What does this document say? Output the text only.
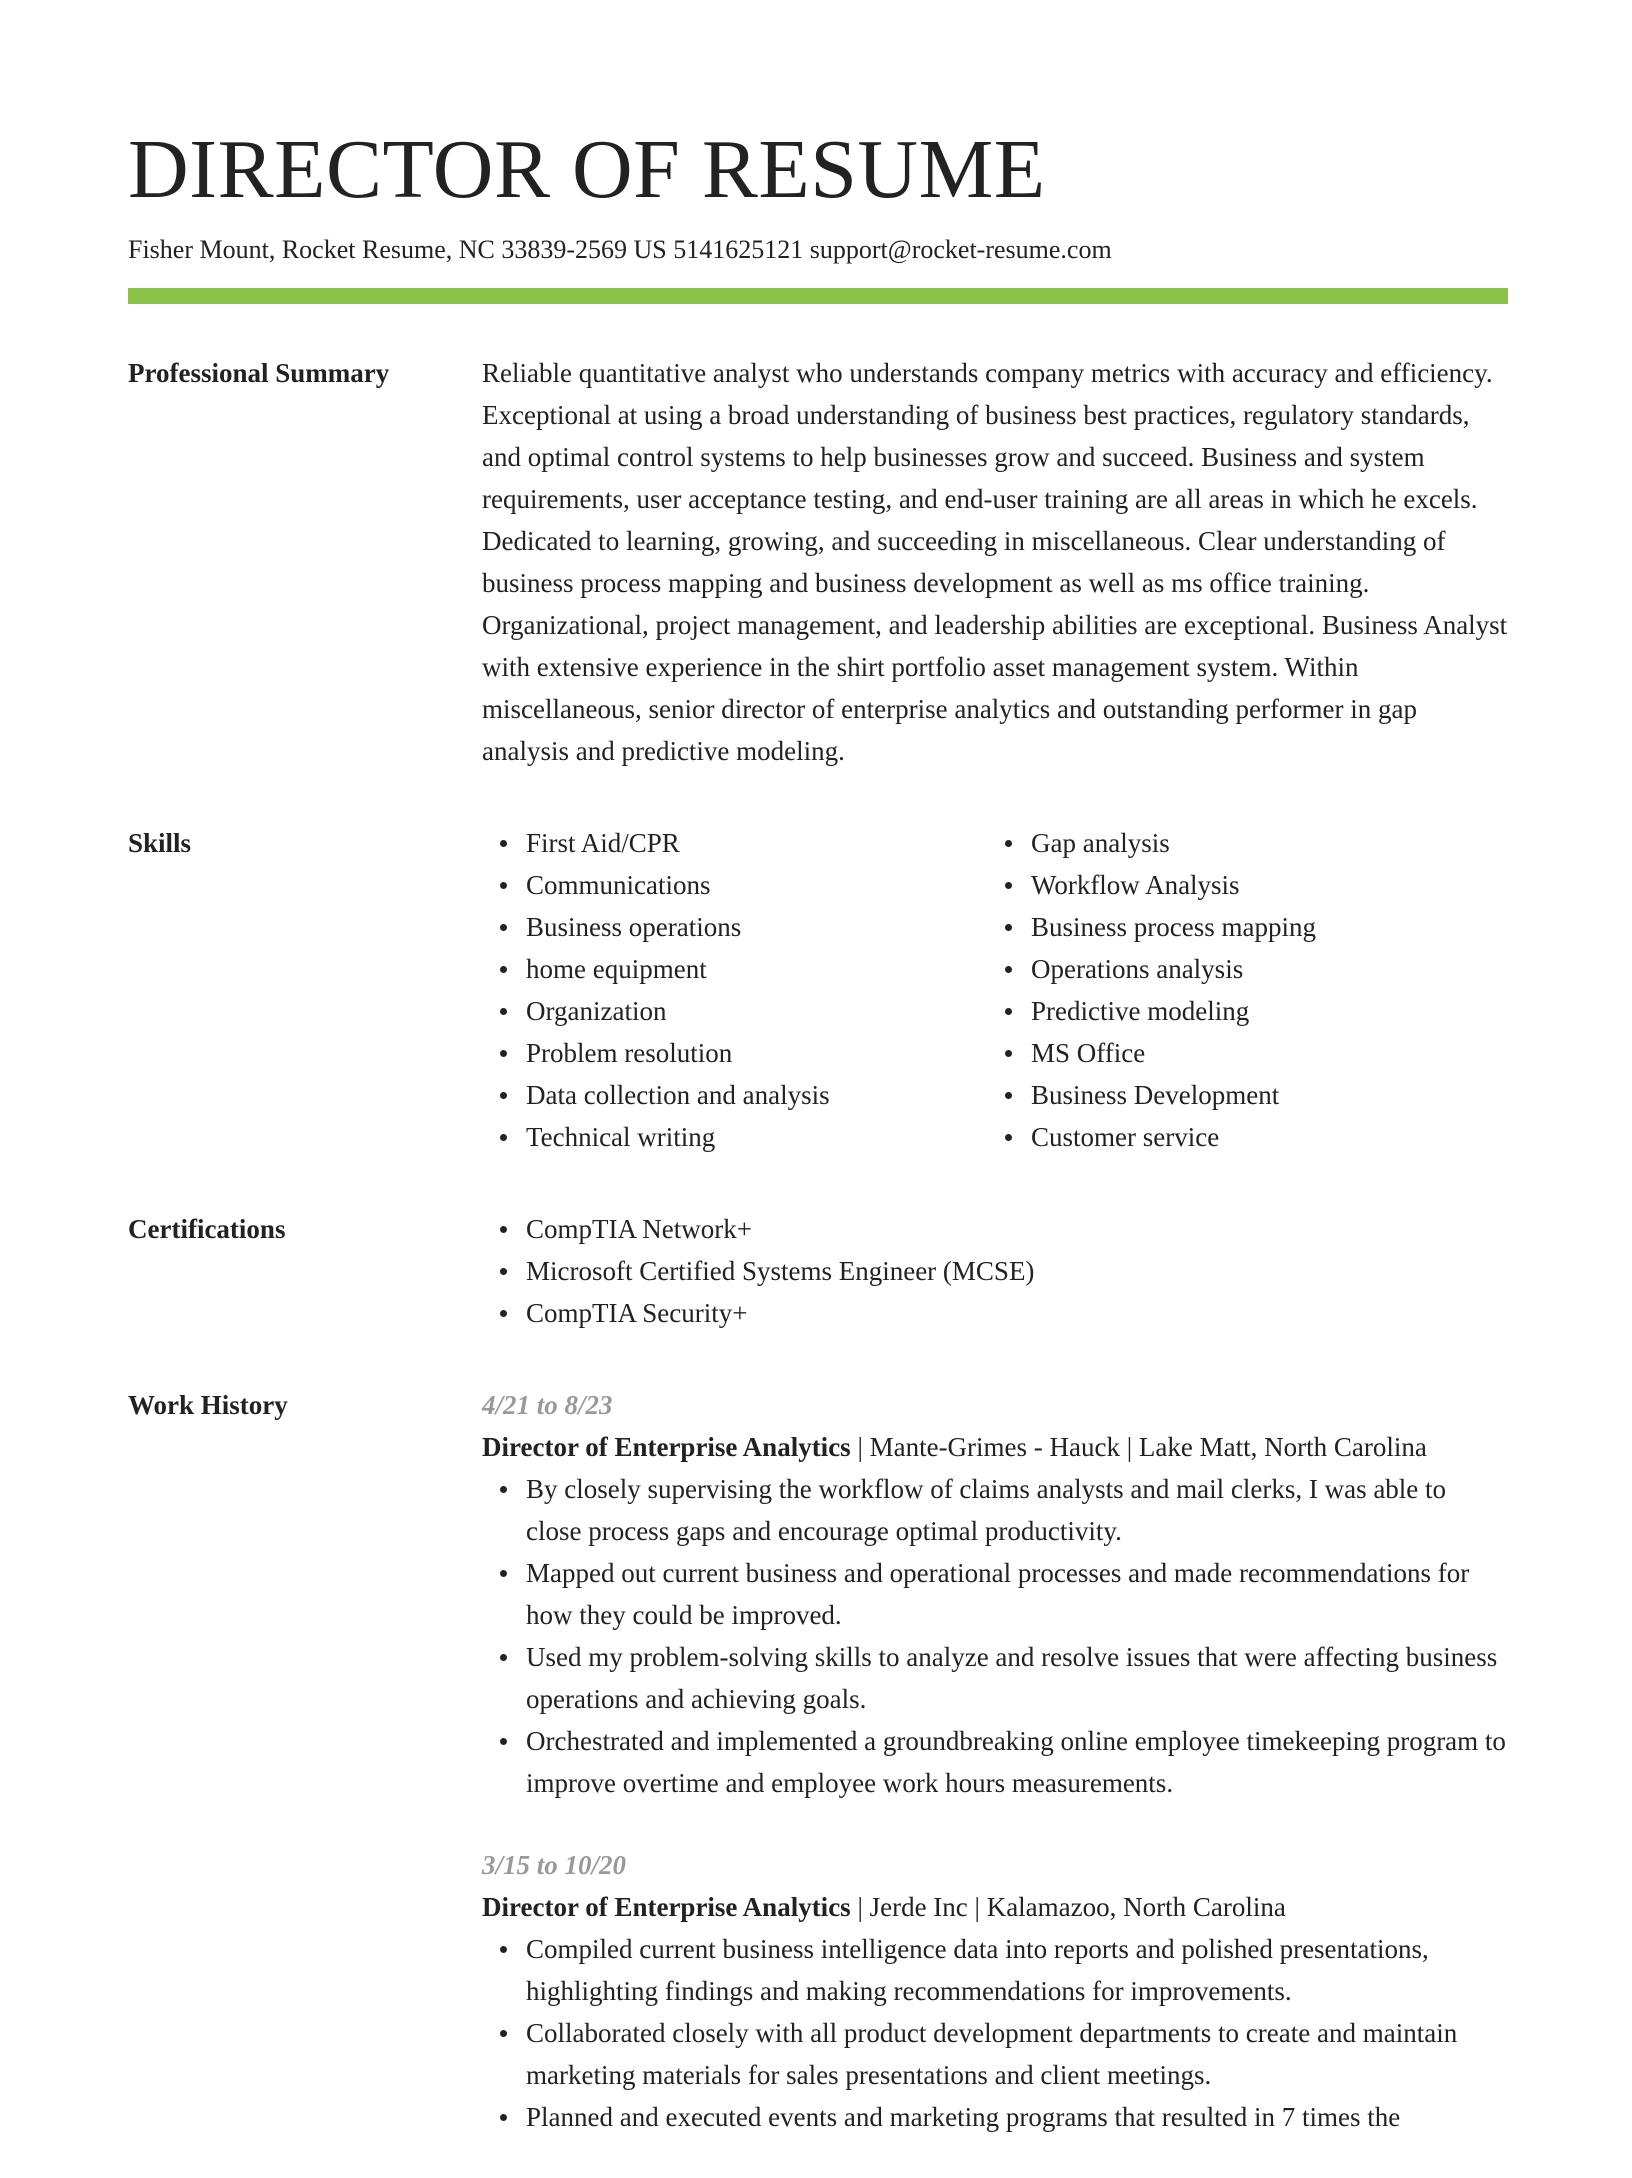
DIRECTOR OF RESUME
Fisher Mount, Rocket Resume, NC 33839-2569 US 5141625121 support@rocket-resume.com
Professional Summary	Reliable quantitative analyst who understands company metrics with accuracy and efficiency. Exceptional at using a broad understanding of business best practices, regulatory standards, and optimal control systems to help businesses grow and succeed. Business and system requirements, user acceptance testing, and end-user training are all areas in which he excels. Dedicated to learning, growing, and succeeding in miscellaneous. Clear understanding of business process mapping and business development as well as ms office training. Organizational, project management, and leadership abilities are exceptional. Business Analyst with extensive experience in the shirt portfolio asset management system. Within miscellaneous, senior director of enterprise analytics and outstanding performer in gap analysis and predictive modeling.

Skills	First Aid/CPR
Communications
Business operations
home equipment
Organization
Problem resolution
Data collection and analysis
Technical writing
Gap analysis
Workflow Analysis
Business process mapping
Operations analysis
Predictive modeling
MS Office
Business Development
Customer service
Certifications	CompTIA Network+
Microsoft Certified Systems Engineer (MCSE)
CompTIA Security+
Work History	4/21 to 8/23
Director of Enterprise Analytics | Mante-Grimes - Hauck | Lake Matt, North Carolina
By closely supervising the workflow of claims analysts and mail clerks, I was able to close process gaps and encourage optimal productivity.
Mapped out current business and operational processes and made recommendations for how they could be improved.
Used my problem-solving skills to analyze and resolve issues that were affecting business operations and achieving goals.
Orchestrated and implemented a groundbreaking online employee timekeeping program to improve overtime and employee work hours measurements.
3/15 to 10/20
Director of Enterprise Analytics | Jerde Inc | Kalamazoo, North Carolina
Compiled current business intelligence data into reports and polished presentations, highlighting findings and making recommendations for improvements.
Collaborated closely with all product development departments to create and maintain marketing materials for sales presentations and client meetings.
Planned and executed events and marketing programs that resulted in 7 times the
